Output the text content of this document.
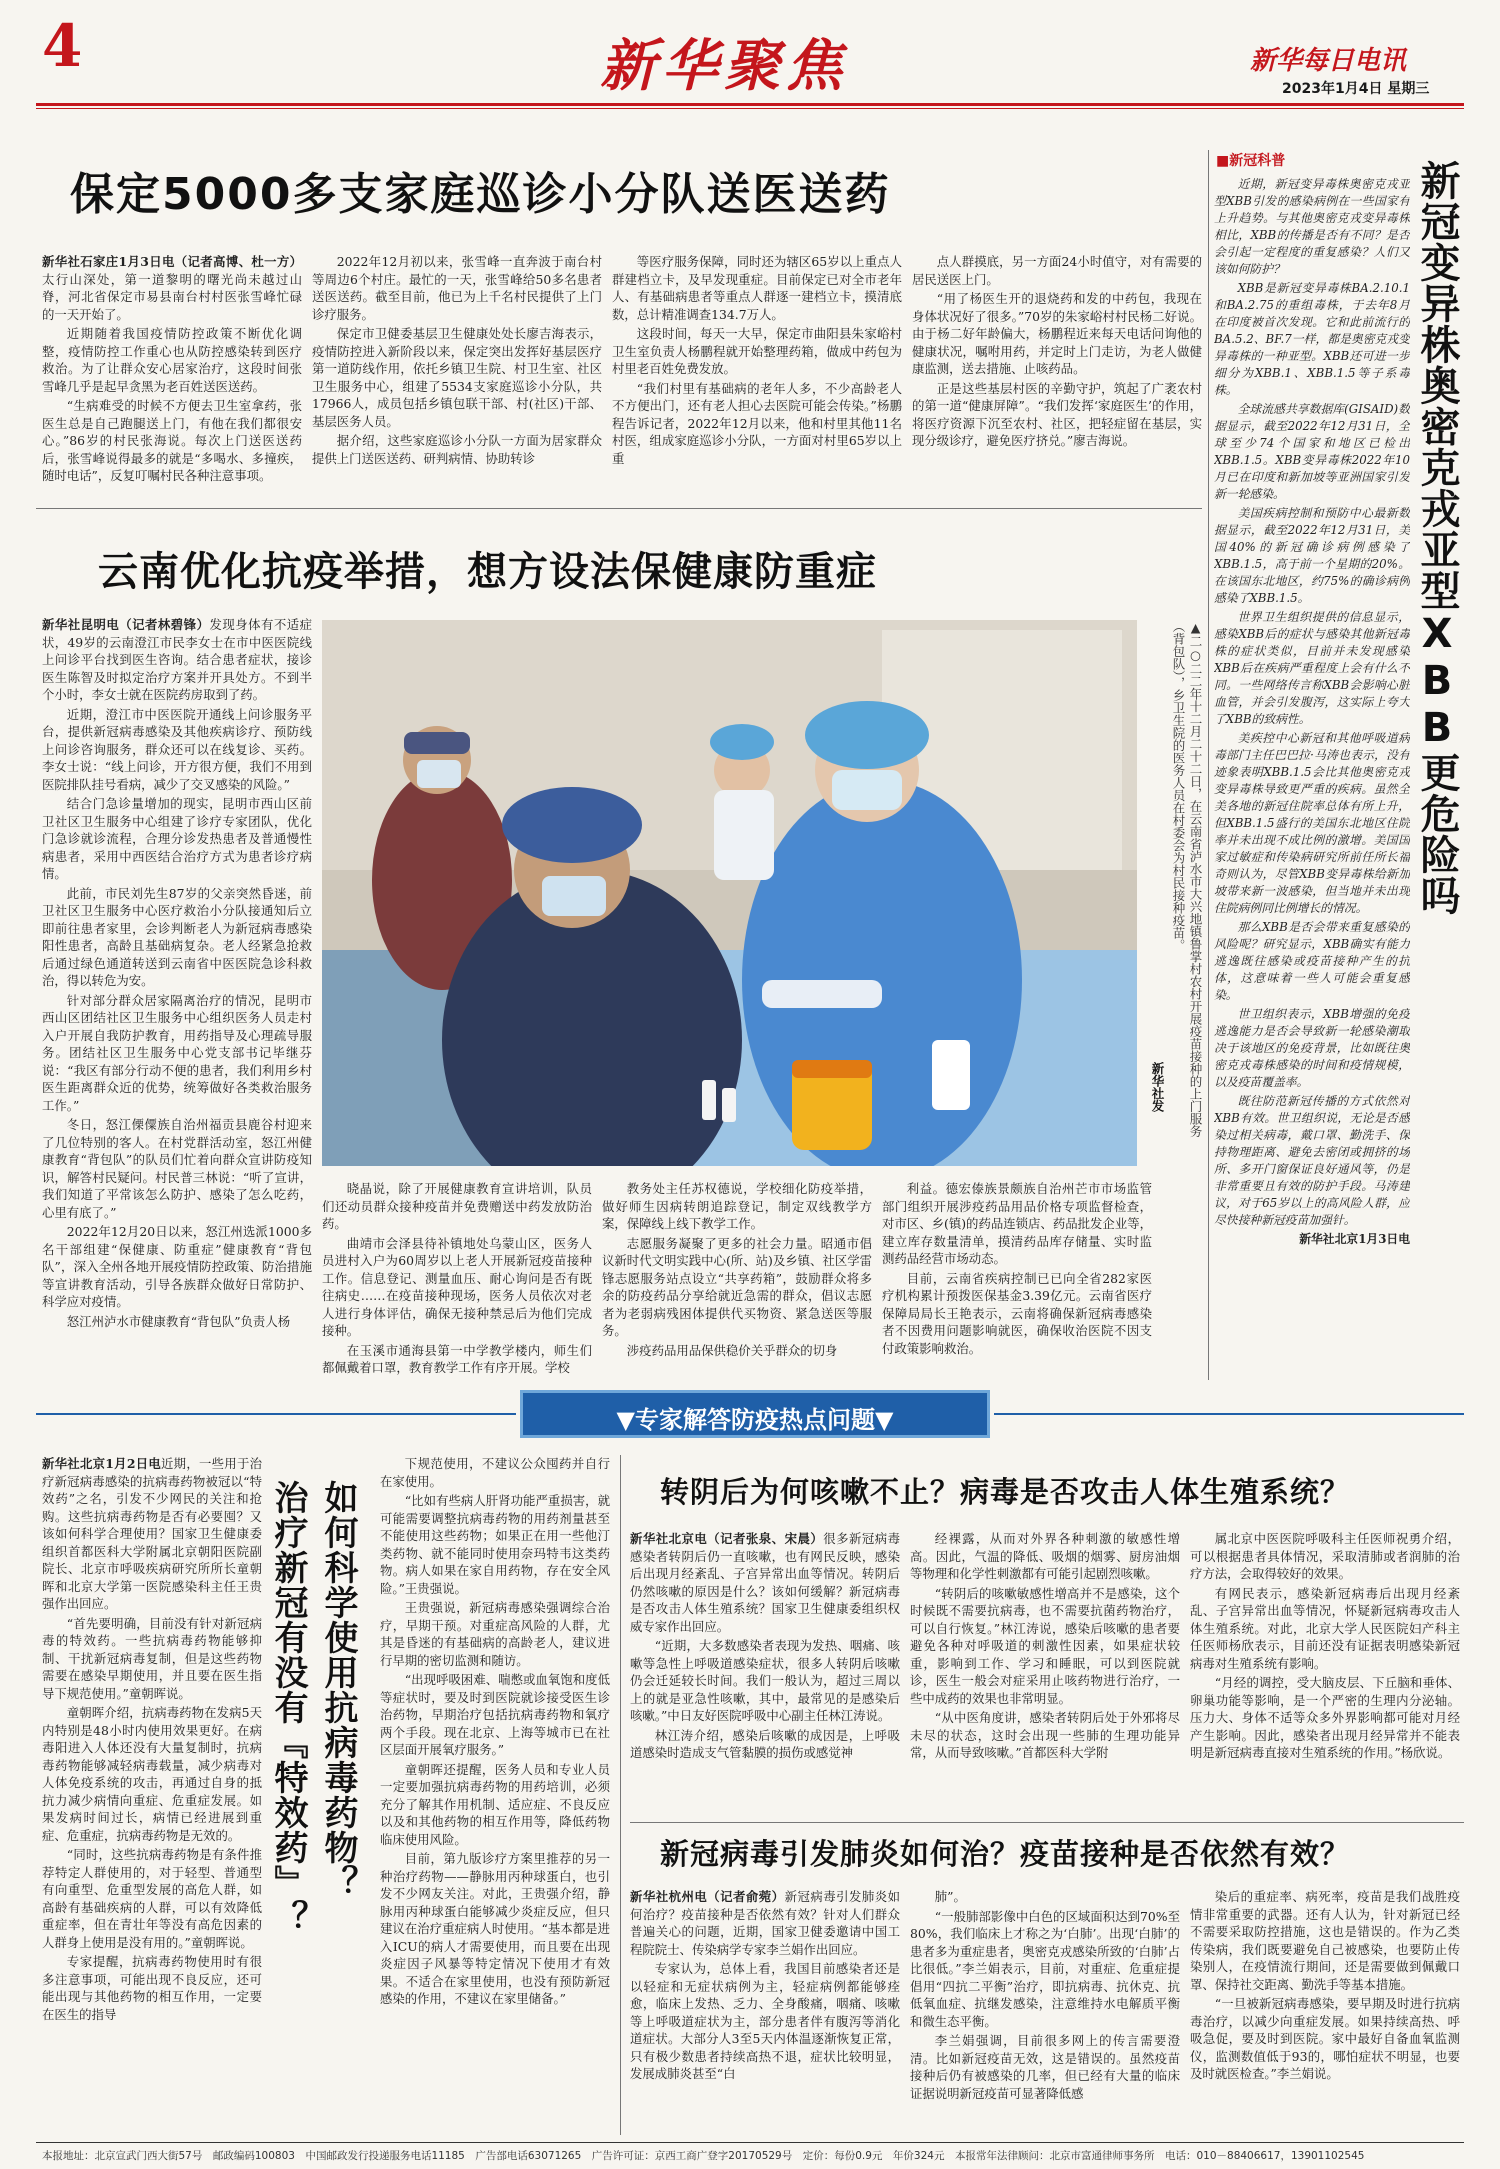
4	新华聚焦	新华每日电讯
2023年1月4日 星期三
保定5000多支家庭巡诊小分队送医送药

新华社石家庄1月3日电（记者高博、杜一方）太行山深处，第一道黎明的曙光尚未越过山脊，河北省保定市易县南台村村医张雪峰忙碌的一天开始了。

近期随着我国疫情防控政策不断优化调整，疫情防控工作重心也从防控感染转到医疗救治。为了让群众安心居家治疗，这段时间张雪峰几乎是起早贪黑为老百姓送医送药。

“生病难受的时候不方便去卫生室拿药，张医生总是自己跑腿送上门，有他在我们都很安心。”86岁的村民张海说。每次上门送医送药后，张雪峰说得最多的就是“多喝水、多撞疾，随时电话”，反复叮嘱村民各种注意事项。

2022年12月初以来，张雪峰一直奔波于南台村等周边6个村庄。最忙的一天，张雪峰给50多名患者送医送药。截至目前，他已为上千名村民提供了上门诊疗服务。

保定市卫健委基层卫生健康处处长廖吉海表示，疫情防控进入新阶段以来，保定突出发挥好基层医疗第一道防线作用，依托乡镇卫生院、村卫生室、社区卫生服务中心，组建了5534支家庭巡诊小分队，共17966人，成员包括乡镇包联干部、村(社区)干部、基层医务人员。

据介绍，这些家庭巡诊小分队一方面为居家群众提供上门送医送药、研判病情、协助转诊

等医疗服务保障，同时还为辖区65岁以上重点人群建档立卡，及早发现重症。目前保定已对全市老年人、有基础病患者等重点人群逐一建档立卡，摸清底数，总计精准调查134.7万人。

这段时间，每天一大早，保定市曲阳县朱家峪村卫生室负责人杨鹏程就开始整理药箱，做成中药包为村里老百姓免费发放。

“我们村里有基础病的老年人多，不少高龄老人不方便出门，还有老人担心去医院可能会传染。”杨鹏程告诉记者，2022年12月以来，他和村里其他11名村医，组成家庭巡诊小分队，一方面对村里65岁以上重

点人群摸底，另一方面24小时值守，对有需要的居民送医上门。

“用了杨医生开的退烧药和发的中药包，我现在身体状况好了很多。”70岁的朱家峪村村民杨二好说。由于杨二好年龄偏大，杨鹏程近来每天电话问询他的健康状况，嘱咐用药，并定时上门走访，为老人做健康监测，送去措施、止咳药品。

正是这些基层村医的辛勤守护，筑起了广袤农村的第一道“健康屏障”。“我们发挥‘家庭医生’的作用，将医疗资源下沉至农村、社区，把轻症留在基层，实现分级诊疗，避免医疗挤兑。”廖吉海说。

云南优化抗疫举措，想方设法保健康防重症

新华社昆明电（记者林碧锋）发现身体有不适症状，49岁的云南澄江市民李女士在市中医医院线上问诊平台找到医生咨询。结合患者症状，接诊医生陈智及时拟定治疗方案并开具处方。不到半个小时，李女士就在医院药房取到了药。

近期，澄江市中医医院开通线上问诊服务平台，提供新冠病毒感染及其他疾病诊疗、预防线上问诊咨询服务，群众还可以在线复诊、买药。李女士说：“线上问诊，开方很方便，我们不用到医院排队挂号看病，减少了交叉感染的风险。”

结合门急诊量增加的现实，昆明市西山区前卫社区卫生服务中心组建了诊疗专家团队，优化门急诊就诊流程，合理分诊发热患者及普通慢性病患者，采用中西医结合治疗方式为患者诊疗病情。

此前，市民刘先生87岁的父亲突然昏迷，前卫社区卫生服务中心医疗救治小分队接通知后立即前往患者家里，会诊判断老人为新冠病毒感染阳性患者，高龄且基础病复杂。老人经紧急抢救后通过绿色通道转送到云南省中医医院急诊科救治，得以转危为安。

针对部分群众居家隔离治疗的情况，昆明市西山区团结社区卫生服务中心组织医务人员走村入户开展自我防护教育，用药指导及心理疏导服务。团结社区卫生服务中心党支部书记毕继芬说：“我区有部分行动不便的患者，我们利用乡村医生距离群众近的优势，统筹做好各类救治服务工作。”

冬日，怒江傈僳族自治州福贡县鹿谷村迎来了几位特别的客人。在村党群活动室，怒江州健康教育“背包队”的队员们忙着向群众宣讲防疫知识，解答村民疑问。村民普三林说：“听了宣讲，我们知道了平常该怎么防护、感染了怎么吃药，心里有底了。”

2022年12月20日以来，怒江州选派1000多名干部组建“保健康、防重症”健康教育“背包队”，深入全州各地开展疫情防控政策、防治措施等宣讲教育活动，引导各族群众做好日常防护、科学应对疫情。

怒江州泸水市健康教育“背包队”负责人杨

▲二○二二年十二月二十二日，在云南省泸水市大兴地镇鲁掌村农村开展疫苗接种的上门服务（背包队），乡卫生院的医务人员在村委会为村民接种疫苗。
新华社发

晓晶说，除了开展健康教育宣讲培训，队员们还动员群众接种疫苗并免费赠送中药发放防治药。

曲靖市会泽县待补镇地处乌蒙山区，医务人员进村入户为60周岁以上老人开展新冠疫苗接种工作。信息登记、测量血压、耐心询问是否有既往病史……在疫苗接种现场，医务人员依次对老人进行身体评估，确保无接种禁忌后为他们完成接种。

在玉溪市通海县第一中学教学楼内，师生们都佩戴着口罩，教育教学工作有序开展。学校

教务处主任苏权德说，学校细化防疫举措，做好师生因病转朗追踪登记，制定双线教学方案，保障线上线下教学工作。

志愿服务凝聚了更多的社会力量。昭通市倡议新时代文明实践中心(所、站)及乡镇、社区学雷锋志愿服务站点设立“共享药箱”，鼓励群众将多余的防疫药品分享给就近急需的群众，倡议志愿者为老弱病残困体提供代买物资、紧急送医等服务。

涉疫药品用品保供稳价关乎群众的切身

利益。德宏傣族景颇族自治州芒市市场监管部门组织开展涉疫药品用品价格专项监督检查，对市区、乡(镇)的药品连锁店、药品批发企业等，建立库存数量清单，摸清药品库存储量、实时监测药品经营市场动态。

目前，云南省疾病控制已已向全省282家医疗机构累计预拨医保基金3.39亿元。云南省医疗保障局局长王艳表示，云南将确保新冠病毒感染者不因费用问题影响就医，确保收治医院不因支付政策影响救治。

■新冠科普

近期，新冠变异毒株奥密克戎亚型XBB引发的感染病例在一些国家有上升趋势。与其他奥密克戎变异毒株相比，XBB的传播是否有不同？是否会引起一定程度的重复感染？人们又该如何防护？

XBB是新冠变异毒株BA.2.10.1和BA.2.75的重组毒株，于去年8月在印度被首次发现。它和此前流行的BA.5.2、BF.7一样，都是奥密克戎变异毒株的一种亚型。XBB还可进一步细分为XBB.1、XBB.1.5等子系毒株。

全球流感共享数据库(GISAID)数据显示，截至2022年12月31日，全球至少74个国家和地区已检出XBB.1.5。XBB变异毒株2022年10月已在印度和新加坡等亚洲国家引发新一轮感染。

美国疾病控制和预防中心最新数据显示，截至2022年12月31日，美国40%的新冠确诊病例感染了XBB.1.5，高于前一个星期的20%。在该国东北地区，约75%的确诊病例感染了XBB.1.5。

世界卫生组织提供的信息显示，感染XBB后的症状与感染其他新冠毒株的症状类似，目前并未发现感染XBB后在疾病严重程度上会有什么不同。一些网络传言称XBB会影响心脏血管，并会引发腹泻，这实际上夸大了XBB的致病性。

美疾控中心新冠和其他呼吸道病毒部门主任巴巴拉·马涛也表示，没有迹象表明XBB.1.5会比其他奥密克戎变异毒株导致更严重的疾病。虽然全美各地的新冠住院率总体有所上升，但XBB.1.5盛行的美国东北地区住院率并未出现不成比例的激增。美国国家过敏症和传染病研究所前任所长福奇则认为，尽管XBB变异毒株给新加坡带来新一波感染，但当地并未出现住院病例同比例增长的情况。

那么XBB是否会带来重复感染的风险呢？研究显示，XBB确实有能力逃逸既往感染或疫苗接种产生的抗体，这意味着一些人可能会重复感染。

世卫组织表示，XBB增强的免疫逃逸能力是否会导致新一轮感染潮取决于该地区的免疫背景，比如既往奥密克戎毒株感染的时间和疫情规模，以及疫苗覆盖率。

既往防范新冠传播的方式依然对XBB有效。世卫组织说，无论是否感染过相关病毒，戴口罩、勤洗手、保持物理距离、避免去密闭或拥挤的场所、多开门窗保证良好通风等，仍是非常重要且有效的防护手段。马涛建议，对于65岁以上的高风险人群，应尽快接种新冠疫苗加强针。

新华社北京1月3日电

新冠变异株奥密克戎亚型XBB更危险吗
▼专家解答防疫热点问题▼

新华社北京1月2日电近期，一些用于治疗新冠病毒感染的抗病毒药物被冠以“特效药”之名，引发不少网民的关注和抢购。这些抗病毒药物是否有必要囤？又该如何科学合理使用？国家卫生健康委组织首都医科大学附属北京朝阳医院副院长、北京市呼吸疾病研究所所长童朝晖和北京大学第一医院感染科主任王贵强作出回应。

“首先要明确，目前没有针对新冠病毒的特效药。一些抗病毒药物能够抑制、干扰新冠病毒复制，但是这些药物需要在感染早期使用，并且要在医生指导下规范使用。”童朝晖说。

童朝晖介绍，抗病毒药物在发病5天内特别是48小时内使用效果更好。在病毒阳进入人体还没有大量复制时，抗病毒药物能够减轻病毒载量，减少病毒对人体免疫系统的攻击，再通过自身的抵抗力减少病情向重症、危重症发展。如果发病时间过长，病情已经进展到重症、危重症，抗病毒药物是无效的。

“同时，这些抗病毒药物是有条件推荐特定人群使用的，对于轻型、普通型有向重型、危重型发展的高危人群，如高龄有基础疾病的人群，可以有效降低重症率，但在青壮年等没有高危因素的人群身上使用是没有用的。”童朝晖说。

专家提醒，抗病毒药物使用时有很多注意事项，可能出现不良反应，还可能出现与其他药物的相互作用，一定要在医生的指导

治疗新冠有没有『特效药』？ 如何科学使用抗病毒药物？

下规范使用，不建议公众囤药并自行在家使用。

“比如有些病人肝肾功能严重损害，就可能需要调整抗病毒药物的用药剂量甚至不能使用这些药物；如果正在用一些他汀类药物、就不能同时使用奈玛特韦这类药物。病人如果在家自用药物，存在安全风险。”王贵强说。

王贵强说，新冠病毒感染强调综合治疗，早期干预。对重症高风险的人群，尤其是昏迷的有基础病的高龄老人，建议进行早期的密切监测和随访。

“出现呼吸困难、喘憋或血氧饱和度低等症状时，要及时到医院就诊接受医生诊治药物，早期治疗包括抗病毒药物和氧疗两个手段。现在北京、上海等城市已在社区层面开展氧疗服务。”

童朝晖还提醒，医务人员和专业人员一定要加强抗病毒药物的用药培训，必须充分了解其作用机制、适应症、不良反应以及和其他药物的相互作用等，降低药物临床使用风险。

目前，第九版诊疗方案里推荐的另一种治疗药物——静脉用丙种球蛋白，也引发不少网友关注。对此，王贵强介绍，静脉用丙种球蛋白能够减少炎症反应，但只建议在治疗重症病人时使用。“基本都是进入ICU的病人才需要使用，而且要在出现炎症因子风暴等特定情况下使用才有效果。不适合在家里使用，也没有预防新冠感染的作用，不建议在家里储备。”

转阴后为何咳嗽不止？病毒是否攻击人体生殖系统？

新华社北京电（记者张泉、宋晨）很多新冠病毒感染者转阴后仍一直咳嗽，也有网民反映，感染后出现月经紊乱、子宫异常出血等情况。转阴后仍然咳嗽的原因是什么？该如何缓解？新冠病毒是否攻击人体生殖系统？国家卫生健康委组织权威专家作出回应。

“近期，大多数感染者表现为发热、咽痛、咳嗽等急性上呼吸道感染症状，很多人转阴后咳嗽仍会迁延较长时间。我们一般认为，超过三周以上的就是亚急性咳嗽，其中，最常见的是感染后咳嗽。”中日友好医院呼吸中心副主任林江涛说。

林江涛介绍，感染后咳嗽的成因是，上呼吸道感染时造成支气管黏膜的损伤或感觉神

经裸露，从而对外界各种刺激的敏感性增高。因此，气温的降低、吸烟的烟雾、厨房油烟等物理和化学性刺激都有可能引起剧烈咳嗽。

“转阴后的咳嗽敏感性增高并不是感染，这个时候既不需要抗病毒，也不需要抗菌药物治疗，可以自行恢复。”林江涛说，感染后咳嗽的患者要避免各种对呼吸道的刺激性因素，如果症状较重，影响到工作、学习和睡眠，可以到医院就诊，医生一般会对症采用止咳药物进行治疗，一些中成药的效果也非常明显。

“从中医角度讲，感染者转阴后处于外邪将尽未尽的状态，这时会出现一些肺的生理功能异常，从而导致咳嗽。”首都医科大学附

属北京中医医院呼吸科主任医师祝勇介绍，可以根据患者具体情况，采取清肺或者润肺的治疗方法，会取得较好的效果。

有网民表示，感染新冠病毒后出现月经紊乱、子宫异常出血等情况，怀疑新冠病毒攻击人体生殖系统。对此，北京大学人民医院妇产科主任医师杨欣表示，目前还没有证据表明感染新冠病毒对生殖系统有影响。

“月经的调控，受大脑皮层、下丘脑和垂体、卵巢功能等影响，是一个严密的生理内分泌轴。压力大、身体不适等众多外界影响都可能对月经产生影响。因此，感染者出现月经异常并不能表明是新冠病毒直接对生殖系统的作用。”杨欣说。

新冠病毒引发肺炎如何治？疫苗接种是否依然有效？

新华社杭州电（记者俞菀）新冠病毒引发肺炎如何治疗？疫苗接种是否依然有效？针对人们群众普遍关心的问题，近期，国家卫健委邀请中国工程院院士、传染病学专家李兰娟作出回应。

专家认为，总体上看，我国目前感染者还是以轻症和无症状病例为主，轻症病例都能够痊愈，临床上发热、乏力、全身酸痛，咽痛、咳嗽等上呼吸道症状为主，部分患者伴有腹泻等消化道症状。大部分人3至5天内体温逐渐恢复正常，只有极少数患者持续高热不退，症状比较明显，发展成肺炎甚至“白

肺”。

“一般肺部影像中白色的区域面积达到70%至80%，我们临床上才称之为‘白肺’。出现‘白肺’的患者多为重症患者，奥密克戎感染所致的‘白肺’占比很低。”李兰娟表示，目前，对重症、危重症提倡用“四抗二平衡”治疗，即抗病毒、抗休克、抗低氧血症、抗继发感染，注意维持水电解质平衡和微生态平衡。

李兰娟强调，目前很多网上的传言需要澄清。比如新冠疫苗无效，这是错误的。虽然疫苗接种后仍有被感染的几率，但已经有大量的临床证据说明新冠疫苗可显著降低感

染后的重症率、病死率，疫苗是我们战胜疫情非常重要的武器。还有人认为，针对新冠已经不需要采取防控措施，这也是错误的。作为乙类传染病，我们既要避免自己被感染，也要防止传染别人，在疫情流行期间，还是需要做到佩戴口罩、保持社交距离、勤洗手等基本措施。

“一旦被新冠病毒感染，要早期及时进行抗病毒治疗，以减少向重症发展。如果持续高热、呼吸急促，要及时到医院。家中最好自备血氧监测仪，监测数值低于93的，哪怕症状不明显，也要及时就医检查。”李兰娟说。

本报地址：北京宣武门西大街57号　邮政编码100803　中国邮政发行投递服务电话11185　广告部电话63071265　广告许可证：京西工商广登字20170529号　定价：每份0.9元　年价324元　本报常年法律顾问：北京市富通律师事务所　电话：010－88406617，13901102545
